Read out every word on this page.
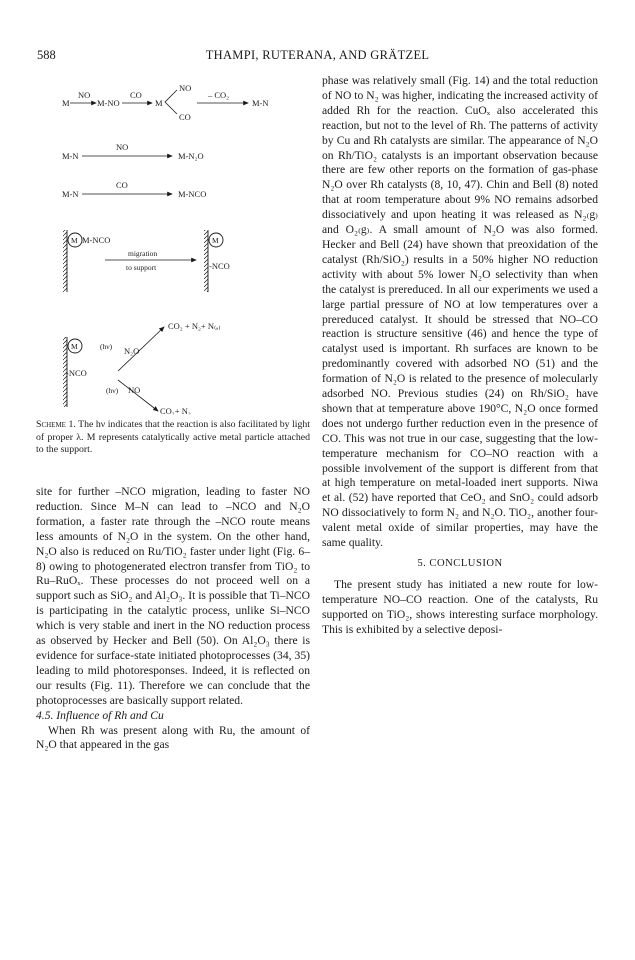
588	THAMPI, RUTERANA, AND GRÄTZEL
M
NO
M-NO
CO
M
NO
CO
– CO₂
M-N
NO
M-N	M-N₂O
CO
M-N	M-NCO
M M-NCO
migration
to support
M
-NCO
M
-NCO
(hν) N₂O
CO₂ + N₂+ N₍ₐ₎
(hν) NO
CO₂+ N₂
Scheme 1. The hν indicates that the reaction is also facilitated by light of proper λ. M represents catalytically active metal particle attached to the support.

site for further –NCO migration, leading to faster NO reduction. Since M–N can lead to –NCO and N₂O formation, a faster rate through the –NCO route means less amounts of N₂O in the system. On the other hand, N₂O also is reduced on Ru/TiO₂ faster under light (Fig. 6–8) owing to photogenerated electron transfer from TiO₂ to Ru–RuOₓ. These processes do not proceed well on a support such as SiO₂ and Al₂O₃. It is possible that Ti–NCO is participating in the catalytic process, unlike Si–NCO which is very stable and inert in the NO reduction process as observed by Hecker and Bell (50). On Al₂O₃ there is evidence for surface-state initiated photoprocesses (34, 35) leading to mild photoresponses. Indeed, it is reflected on our results (Fig. 11). Therefore we can conclude that the photoprocesses are basically support related.

4.5. Influence of Rh and Cu

When Rh was present along with Ru, the amount of N₂O that appeared in the gas

phase was relatively small (Fig. 14) and the total reduction of NO to N₂ was higher, indicating the increased activity of added Rh for the reaction. CuOₓ also accelerated this reaction, but not to the level of Rh. The patterns of activity by Cu and Rh catalysts are similar. The appearance of N₂O on Rh/TiO₂ catalysts is an important observation because there are few other reports on the formation of gas-phase N₂O over Rh catalysts (8, 10, 47). Chin and Bell (8) noted that at room temperature about 9% NO remains adsorbed dissociatively and upon heating it was released as N₂₍g₎ and O₂₍g₎. A small amount of N₂O was also formed. Hecker and Bell (24) have shown that preoxidation of the catalyst (Rh/SiO₂) results in a 50% higher NO reduction activity with about 5% lower N₂O selectivity than when the catalyst is prereduced. In all our experiments we used a large partial pressure of NO at low temperatures over a prereduced catalyst. It should be stressed that NO–CO reaction is structure sensitive (46) and hence the type of catalyst used is important. Rh surfaces are known to be predominantly covered with adsorbed NO (51) and the formation of N₂O is related to the presence of molecularly adsorbed NO. Previous studies (24) on Rh/SiO₂ have shown that at temperature above 190°C, N₂O once formed does not undergo further reduction even in the presence of CO. This was not true in our case, suggesting that the low-temperature mechanism for CO–NO reaction with a possible involvement of the support is different from that at high temperature on metal-loaded inert supports. Niwa et al. (52) have reported that CeO₂ and SnO₂ could adsorb NO dissociatively to form N₂ and N₂O. TiO₂, another four-valent metal oxide of similar properties, may have the same quality.

5. CONCLUSION

The present study has initiated a new route for low-temperature NO–CO reaction. One of the catalysts, Ru supported on TiO₂, shows interesting surface morphology. This is exhibited by a selective deposi-
